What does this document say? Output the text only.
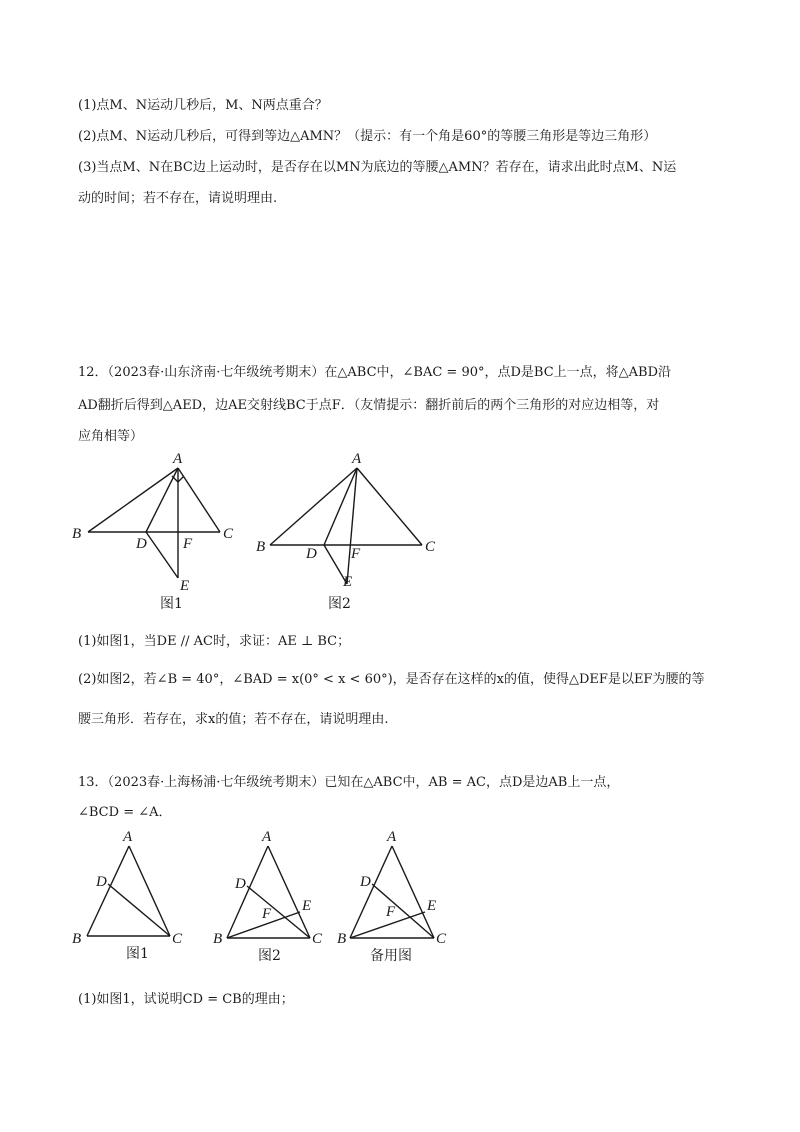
(1)点M、N运动几秒后，M、N两点重合？
(2)点M、N运动几秒后，可得到等边△AMN？（提示：有一个角是60°的等腰三角形是等边三角形）
(3)当点M、N在BC边上运动时，是否存在以MN为底边的等腰△AMN？若存在，请求出此时点M、N运
动的时间；若不存在，请说明理由.
12．（2023春·山东济南·七年级统考期末）在△ABC中，∠BAC = 90°，点D是BC上一点，将△ABD沿
AD翻折后得到△AED，边AE交射线BC于点F．（友情提示：翻折前后的两个三角形的对应边相等，对
应角相等）
A
B	C
D F
E
图1
A
B	C
D F
E
图2
(1)如图1，当DE // AC时，求证：AE ⊥ BC；
(2)如图2，若∠B = 40°，∠BAD = x(0° < x < 60°)，是否存在这样的x的值，使得△DEF是以EF为腰的等
腰三角形．若存在，求x的值；若不存在，请说明理由.
13．（2023春·上海杨浦·七年级统考期末）已知在△ABC中，AB = AC，点D是边AB上一点，
∠BCD = ∠A．
A
B	C
D
图1
A
B	C
D
E
F
图2
A
B	C
D
E
F
备用图
(1)如图1，试说明CD = CB的理由；
